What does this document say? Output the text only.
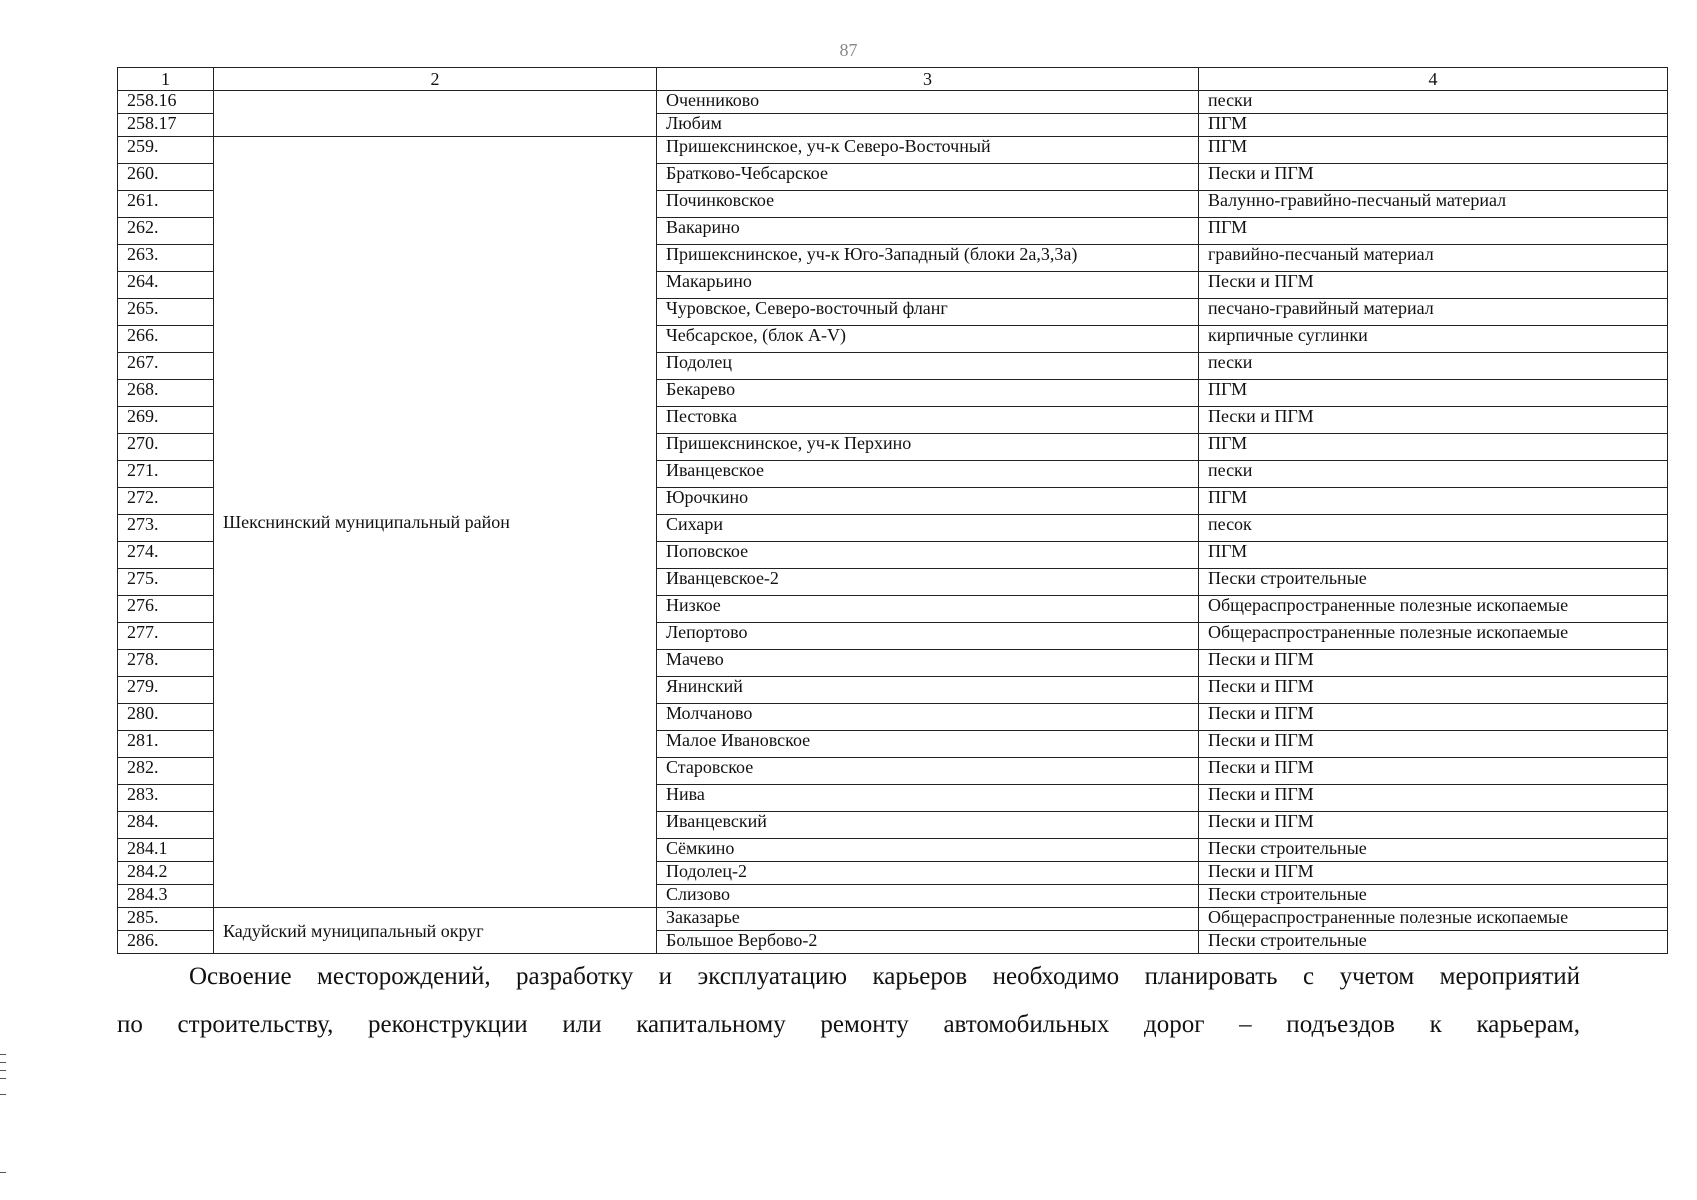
87
1	2	3	4
258.16		Оченниково	пески
258.17		Любим	ПГМ
259.	Шекснинский муниципальный район	Пришекснинское, уч-к Северо-Восточный	ПГМ
260.		Братково-Чебсарское	Пески и ПГМ
261.		Починковское	Валунно-гравийно-песчаный материал
262.		Вакарино	ПГМ
263.		Пришекснинское, уч-к Юго-Западный (блоки 2а,3,3а)	гравийно-песчаный материал
264.		Макарьино	Пески и ПГМ
265.		Чуровское, Северо-восточный фланг	песчано-гравийный материал
266.		Чебсарское, (блок A-V)	кирпичные суглинки
267.		Подолец	пески
268.		Бекарево	ПГМ
269.		Пестовка	Пески и ПГМ
270.		Пришекснинское, уч-к Перхино	ПГМ
271.		Иванцевское	пески
272.		Юрочкино	ПГМ
273.		Сихари	песок
274.		Поповское	ПГМ
275.		Иванцевское-2	Пески строительные
276.		Низкое	Общераспространенные полезные ископаемые
277.		Лепортово	Общераспространенные полезные ископаемые
278.		Мачево	Пески и ПГМ
279.		Янинский	Пески и ПГМ
280.		Молчаново	Пески и ПГМ
281.		Малое Ивановское	Пески и ПГМ
282.		Старовское	Пески и ПГМ
283.		Нива	Пески и ПГМ
284.		Иванцевский	Пески и ПГМ
284.1		Сёмкино	Пески строительные
284.2		Подолец-2	Пески и ПГМ
284.3		Слизово	Пески строительные
285.	Кадуйский муниципальный округ	Заказарье	Общераспространенные полезные ископаемые
286.		Большое Вербово-2	Пески строительные
Освоение месторождений, разработку и эксплуатацию карьеров необходимо планировать с учетом мероприятий
по строительству, реконструкции или капитальному ремонту автомобильных дорог – подъездов к карьерам,
